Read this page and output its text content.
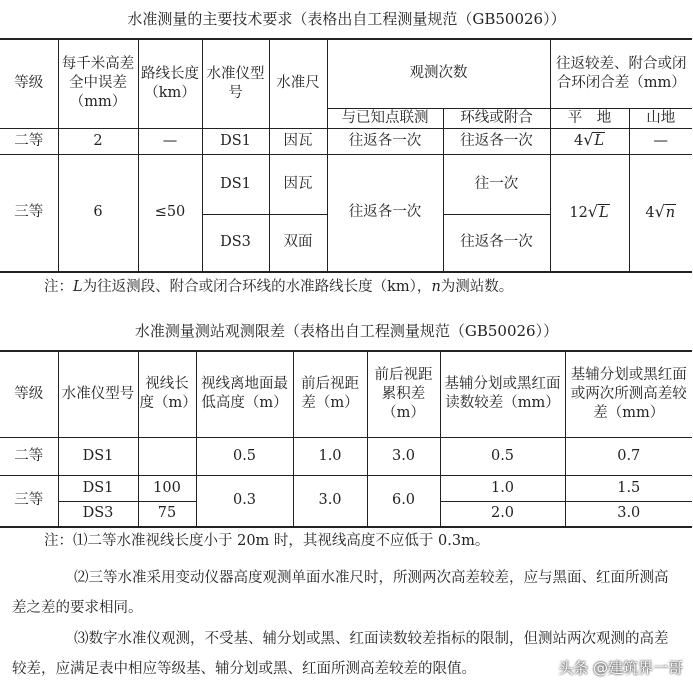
水准测量的主要技术要求（表格出自工程测量规范（GB50026））
等级	每千米高差全中误差（mm）	路线长度（km）	水准仪型号	水准尺	观测次数		往返较差、附合或闭合环闭合差（mm）	
					与已知点联测	环线或附合	平　地	山地
二等	2	—	DS1	因瓦	往返各一次	往返各一次	4 √ L	—
三等	6	≤50	DS1	因瓦	往返各一次	往一次	12 √ L	4 √ n

			DS3	双面		往返各一次		
注：L为往返测段、附合或闭合环线的水准路线长度（km），n为测站数。
水准测量测站观测限差（表格出自工程测量规范（GB50026））
等级	水准仪型号	视线长度（m）	视线离地面最低高度（m）	前后视距差（m）	前后视距累积差（m）	基辅分划或黑红面读数较差（mm）	基辅分划或黑红面或两次所测高差较差（mm）
二等	DS1		0.5	1.0	3.0	0.5	0.7
三等	DS1	100	0.3	3.0	6.0	1.0	1.5
	DS3	75				2.0	3.0
注：⑴二等水准视线长度小于 20m 时，其视线高度不应低于 0.3m。
⑵三等水准采用变动仪器高度观测单面水准尺时，所测两次高差较差，应与黑面、红面所测高差之差的要求相同。
⑶数字水准仪观测，不受基、辅分划或黑、红面读数较差指标的限制，但测站两次观测的高差较差，应满足表中相应等级基、辅分划或黑、红面所测高差较差的限值。	头条 @建筑界一哥
